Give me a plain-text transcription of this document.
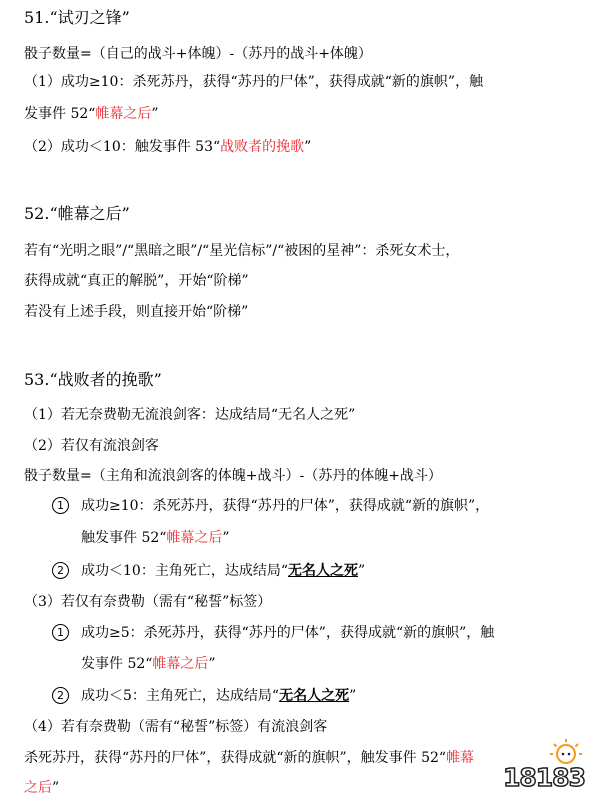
51.“试刃之锋”
骰子数量=（自己的战斗+体魄）-（苏丹的战斗+体魄）
（1）成功≥10：杀死苏丹，获得“苏丹的尸体”，获得成就“新的旗帜”，触
发事件 52“帷幕之后”
（2）成功＜10：触发事件 53“战败者的挽歌”
52.“帷幕之后”
若有“光明之眼”/“黑暗之眼”/“星光信标”/“被困的星神”：杀死女术士，
获得成就“真正的解脱”，开始“阶梯”
若没有上述手段，则直接开始“阶梯”
53.“战败者的挽歌”
（1）若无奈费勒无流浪剑客：达成结局“无名人之死”
（2）若仅有流浪剑客
骰子数量=（主角和流浪剑客的体魄+战斗）-（苏丹的体魄+战斗）
1 成功≥10：杀死苏丹，获得“苏丹的尸体”，获得成就“新的旗帜”，
触发事件 52“帷幕之后”
2 成功＜10：主角死亡，达成结局“无名人之死”
（3）若仅有奈费勒（需有“秘誓”标签）
1 成功≥5：杀死苏丹，获得“苏丹的尸体”，获得成就“新的旗帜”，触
发事件 52“帷幕之后”
2 成功＜5：主角死亡，达成结局“无名人之死”
（4）若有奈费勒（需有“秘誓”标签）有流浪剑客
杀死苏丹，获得“苏丹的尸体”，获得成就“新的旗帜”，触发事件 52“帷幕
之后”	18183
